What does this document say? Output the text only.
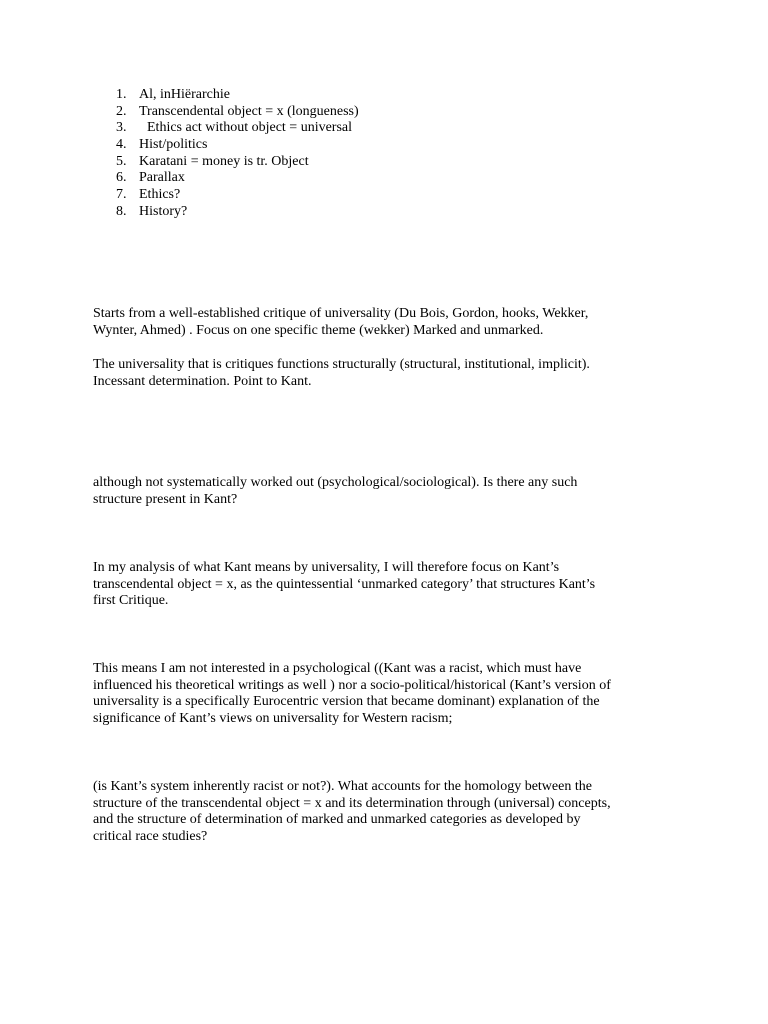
1. Al, inHiërarchie
2. Transcendental object = x (longueness)
3. Ethics act without object = universal
4. Hist/politics
5. Karatani = money is tr. Object
6. Parallax
7. Ethics?
8. History?

Starts from a well-established critique of universality (Du Bois, Gordon, hooks, Wekker,
Wynter, Ahmed) . Focus on one specific theme (wekker) Marked and unmarked.

The universality that is critiques functions structurally (structural, institutional, implicit).
Incessant determination. Point to Kant.

although not systematically worked out (psychological/sociological). Is there any such
structure present in Kant?

In my analysis of what Kant means by universality, I will therefore focus on Kant’s
transcendental object = x, as the quintessential ‘unmarked category’ that structures Kant’s
first Critique.

This means I am not interested in a psychological ((Kant was a racist, which must have
influenced his theoretical writings as well ) nor a socio-political/historical (Kant’s version of
universality is a specifically Eurocentric version that became dominant) explanation of the
significance of Kant’s views on universality for Western racism;

(is Kant’s system inherently racist or not?). What accounts for the homology between the
structure of the transcendental object = x and its determination through (universal) concepts,
and the structure of determination of marked and unmarked categories as developed by
critical race studies?
